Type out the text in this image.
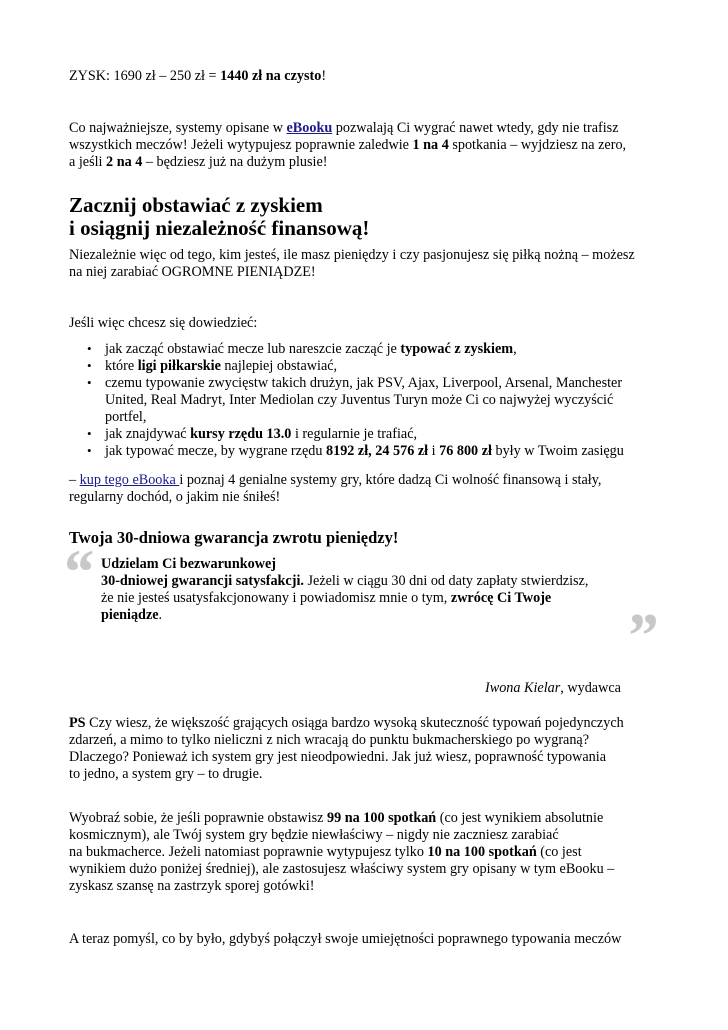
ZYSK: 1690 zł – 250 zł = 1440 zł na czysto!
Co najważniejsze, systemy opisane w eBooku pozwalają Ci wygrać nawet wtedy, gdy nie trafisz
wszystkich meczów! Jeżeli wytypujesz poprawnie zaledwie 1 na 4 spotkania – wyjdziesz na zero,
a jeśli 2 na 4 – będziesz już na dużym plusie!
Zacznij obstawiać z zyskiem
i osiągnij niezależność finansową!
Niezależnie więc od tego, kim jesteś, ile masz pieniędzy i czy pasjonujesz się piłką nożną – możesz
na niej zarabiać OGROMNE PIENIĄDZE!
Jeśli więc chcesz się dowiedzieć:
• jak zacząć obstawiać mecze lub nareszcie zacząć je typować z zyskiem,
• które ligi piłkarskie najlepiej obstawiać,
• czemu typowanie zwycięstw takich drużyn, jak PSV, Ajax, Liverpool, Arsenal, Manchester
United, Real Madryt, Inter Mediolan czy Juventus Turyn może Ci co najwyżej wyczyścić
portfel,
• jak znajdywać kursy rzędu 13.0 i regularnie je trafiać,
• jak typować mecze, by wygrane rzędu 8192 zł, 24 576 zł i 76 800 zł były w Twoim zasięgu
– kup tego eBooka i poznaj 4 genialne systemy gry, które dadzą Ci wolność finansową i stały,
regularny dochód, o jakim nie śniłeś!
Twoja 30-dniowa gwarancja zwrotu pieniędzy!
“ Udzielam Ci bezwarunkowej
30-dniowej gwarancji satysfakcji. Jeżeli w ciągu 30 dni od daty zapłaty stwierdzisz,
że nie jesteś usatysfakcjonowany i powiadomisz mnie o tym, zwrócę Ci Twoje
pieniądze.	”
Iwona Kielar, wydawca
PS Czy wiesz, że większość grających osiąga bardzo wysoką skuteczność typowań pojedynczych
zdarzeń, a mimo to tylko nieliczni z nich wracają do punktu bukmacherskiego po wygraną?
Dlaczego? Ponieważ ich system gry jest nieodpowiedni. Jak już wiesz, poprawność typowania
to jedno, a system gry – to drugie.
Wyobraź sobie, że jeśli poprawnie obstawisz 99 na 100 spotkań (co jest wynikiem absolutnie
kosmicznym), ale Twój system gry będzie niewłaściwy – nigdy nie zaczniesz zarabiać
na bukmacherce. Jeżeli natomiast poprawnie wytypujesz tylko 10 na 100 spotkań (co jest
wynikiem dużo poniżej średniej), ale zastosujesz właściwy system gry opisany w tym eBooku –
zyskasz szansę na zastrzyk sporej gotówki!
A teraz pomyśl, co by było, gdybyś połączył swoje umiejętności poprawnego typowania meczów
